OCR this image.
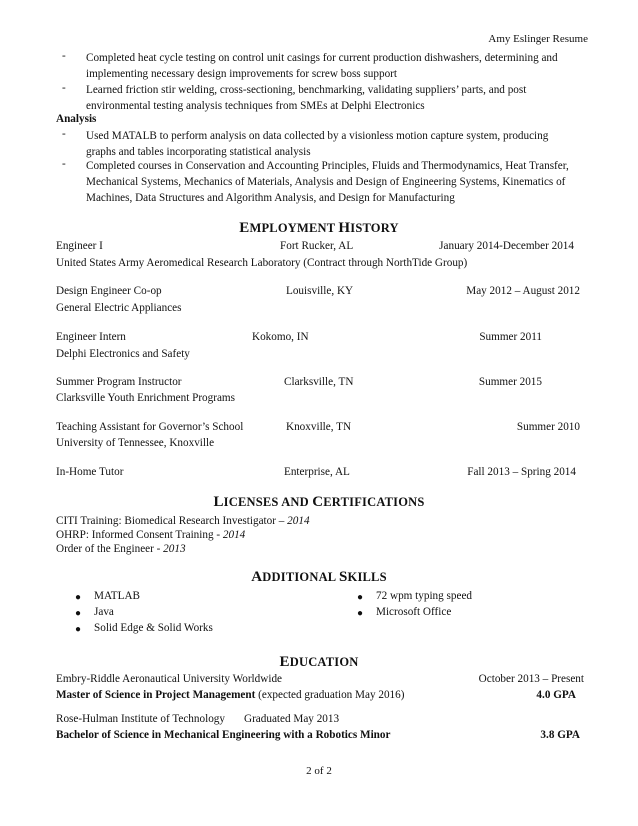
Amy Eslinger Resume
- Completed heat cycle testing on control unit casings for current production dishwashers, determining and
implementing necessary design improvements for screw boss support
- Learned friction stir welding, cross-sectioning, benchmarking, validating suppliers’ parts, and post
environmental testing analysis techniques from SMEs at Delphi Electronics
Analysis
- Used MATALB to perform analysis on data collected by a visionless motion capture system, producing
graphs and tables incorporating statistical analysis
- Completed courses in Conservation and Accounting Principles, Fluids and Thermodynamics, Heat Transfer,
Mechanical Systems, Mechanics of Materials, Analysis and Design of Engineering Systems, Kinematics of
Machines, Data Structures and Algorithm Analysis, and Design for Manufacturing
EMPLOYMENT HISTORY
Engineer I	Fort Rucker, AL	January 2014-December 2014
United States Army Aeromedical Research Laboratory (Contract through NorthTide Group)
Design Engineer Co-op	Louisville, KY	May 2012 – August 2012
General Electric Appliances
Engineer Intern	Kokomo, IN	Summer 2011
Delphi Electronics and Safety
Summer Program Instructor	Clarksville, TN	Summer 2015
Clarksville Youth Enrichment Programs
Teaching Assistant for Governor’s School	Knoxville, TN	Summer 2010
University of Tennessee, Knoxville
In-Home Tutor	Enterprise, AL	Fall 2013 – Spring 2014
LICENSES AND CERTIFICATIONS
CITI Training: Biomedical Research Investigator – 2014
OHRP: Informed Consent Training - 2014
Order of the Engineer - 2013
ADDITIONAL SKILLS
● MATLAB
● Java
● Solid Edge & Solid Works
● 72 wpm typing speed
● Microsoft Office
EDUCATION
Embry-Riddle Aeronautical University Worldwide	October 2013 – Present
Master of Science in Project Management (expected graduation May 2016)	4.0 GPA
Rose-Hulman Institute of Technology Graduated May 2013
Bachelor of Science in Mechanical Engineering with a Robotics Minor	3.8 GPA
2 of 2
